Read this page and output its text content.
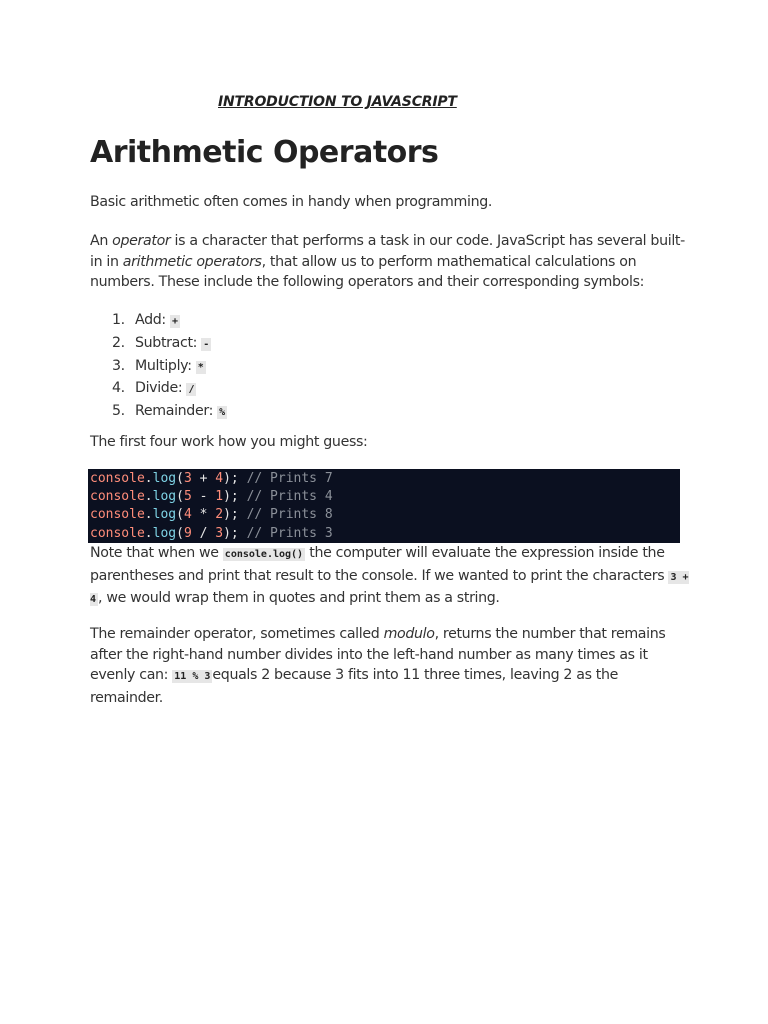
INTRODUCTION TO JAVASCRIPT
Arithmetic Operators

Basic arithmetic often comes in handy when programming.

An operator is a character that performs a task in our code. JavaScript has several built-in in arithmetic operators, that allow us to perform mathematical calculations on numbers. These include the following operators and their corresponding symbols:

1. Add: +
2. Subtract: -
3. Multiply: *
4. Divide: /
5. Remainder: %

The first four work how you might guess:

console.log(3 + 4); // Prints 7
console.log(5 - 1); // Prints 4
console.log(4 * 2); // Prints 8
console.log(9 / 3); // Prints 3

Note that when we console.log() the computer will evaluate the expression inside the parentheses and print that result to the console. If we wanted to print the characters 3 + 4 , we would wrap them in quotes and print them as a string.

The remainder operator, sometimes called modulo, returns the number that remains after the right-hand number divides into the left-hand number as many times as it evenly can: 11 % 3 equals 2 because 3 fits into 11 three times, leaving 2 as the remainder.
